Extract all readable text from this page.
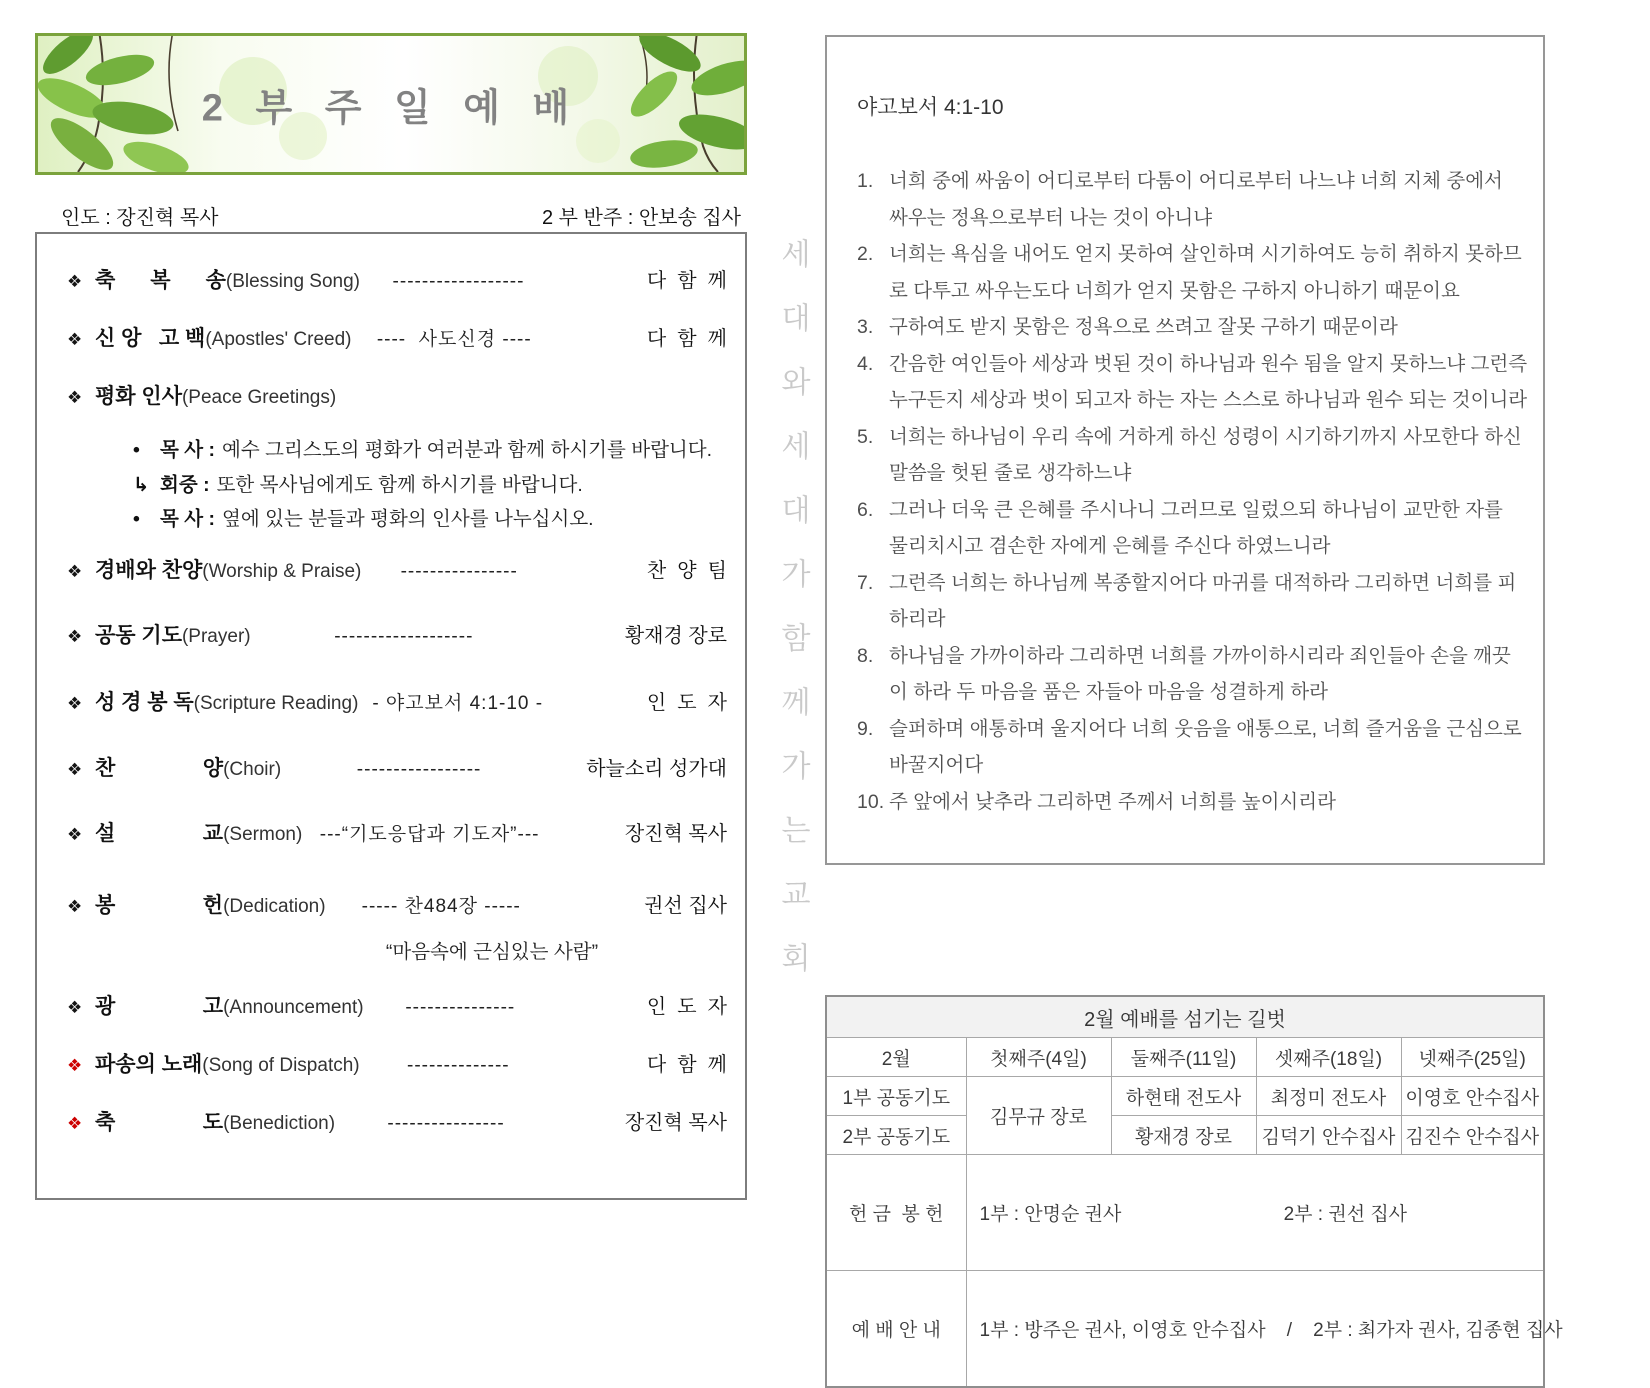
2 부 주 일 예 배
인도 : 장진혁 목사	2 부 반주 : 안보송 집사
❖ 축      복      송 (Blessing Song)	------------------	다  함  께
❖ 신 앙   고 백 (Apostles' Creed)	----  사도신경 ----	다  함  께
❖ 평화 인사 (Peace Greetings)
•	목 사 : 예수 그리스도의 평화가 여러분과 함께 하시기를 바랍니다.
↳ 회중 : 또한 목사님에게도 함께 하시기를 바랍니다.
•	목 사 : 옆에 있는 분들과 평화의 인사를 나누십시오.
❖ 경배와 찬양 (Worship & Praise)	----------------	찬  양  팀
❖ 공동 기도 (Prayer)	-------------------	황재경 장로
❖ 성 경 봉 독 (Scripture Reading) - 야고보서 4:1-10 -	인  도  자
❖ 찬               양 (Choir)	-----------------	하늘소리 성가대
❖ 설               교 (Sermon) ---“기도응답과 기도자”---	장진혁 목사
❖ 봉               헌 (Dedication)	----- 찬484장 -----	권선 집사
“마음속에 근심있는 사람”
❖ 광               고 (Announcement)	---------------	인  도  자
❖ 파송의 노래 (Song of Dispatch)	--------------	다  함  께
❖ 축               도 (Benediction)	----------------	장진혁 목사
세대와세대가함께가는교회
야고보서 4:1-10
1. 너희 중에 싸움이 어디로부터 다툼이 어디로부터 나느냐 너희 지체 중에서
싸우는 정욕으로부터 나는 것이 아니냐
2. 너희는 욕심을 내어도 얻지 못하여 살인하며 시기하여도 능히 취하지 못하므
로 다투고 싸우는도다 너희가 얻지 못함은 구하지 아니하기 때문이요
3. 구하여도 받지 못함은 정욕으로 쓰려고 잘못 구하기 때문이라
4. 간음한 여인들아 세상과 벗된 것이 하나님과 원수 됨을 알지 못하느냐 그런즉
누구든지 세상과 벗이 되고자 하는 자는 스스로 하나님과 원수 되는 것이니라
5. 너희는 하나님이 우리 속에 거하게 하신 성령이 시기하기까지 사모한다 하신
말씀을 헛된 줄로 생각하느냐
6. 그러나 더욱 큰 은혜를 주시나니 그러므로 일렀으되 하나님이 교만한 자를
물리치시고 겸손한 자에게 은혜를 주신다 하였느니라
7. 그런즉 너희는 하나님께 복종할지어다 마귀를 대적하라 그리하면 너희를 피
하리라
8. 하나님을 가까이하라 그리하면 너희를 가까이하시리라 죄인들아 손을 깨끗
이 하라 두 마음을 품은 자들아 마음을 성결하게 하라
9. 슬퍼하며 애통하며 울지어다 너희 웃음을 애통으로, 너희 즐거움을 근심으로
바꿀지어다
10. 주 앞에서 낮추라 그리하면 주께서 너희를 높이시리라
2월 예배를 섬기는 길벗				
2월	첫째주(4일)	둘째주(11일)	셋째주(18일)	넷째주(25일)
1부 공동기도	김무규 장로	하현태 전도사	최정미 전도사	이영호 안수집사
2부 공동기도		황재경 장로	김덕기 안수집사	김진수 안수집사
헌 금  봉 헌	1부 : 안명순 권사 2부 : 권선 집사			

예 배 안 내	1부 : 방주은 권사, 이영호 안수집사    /    2부 : 최가자 권사, 김종현 집사			
